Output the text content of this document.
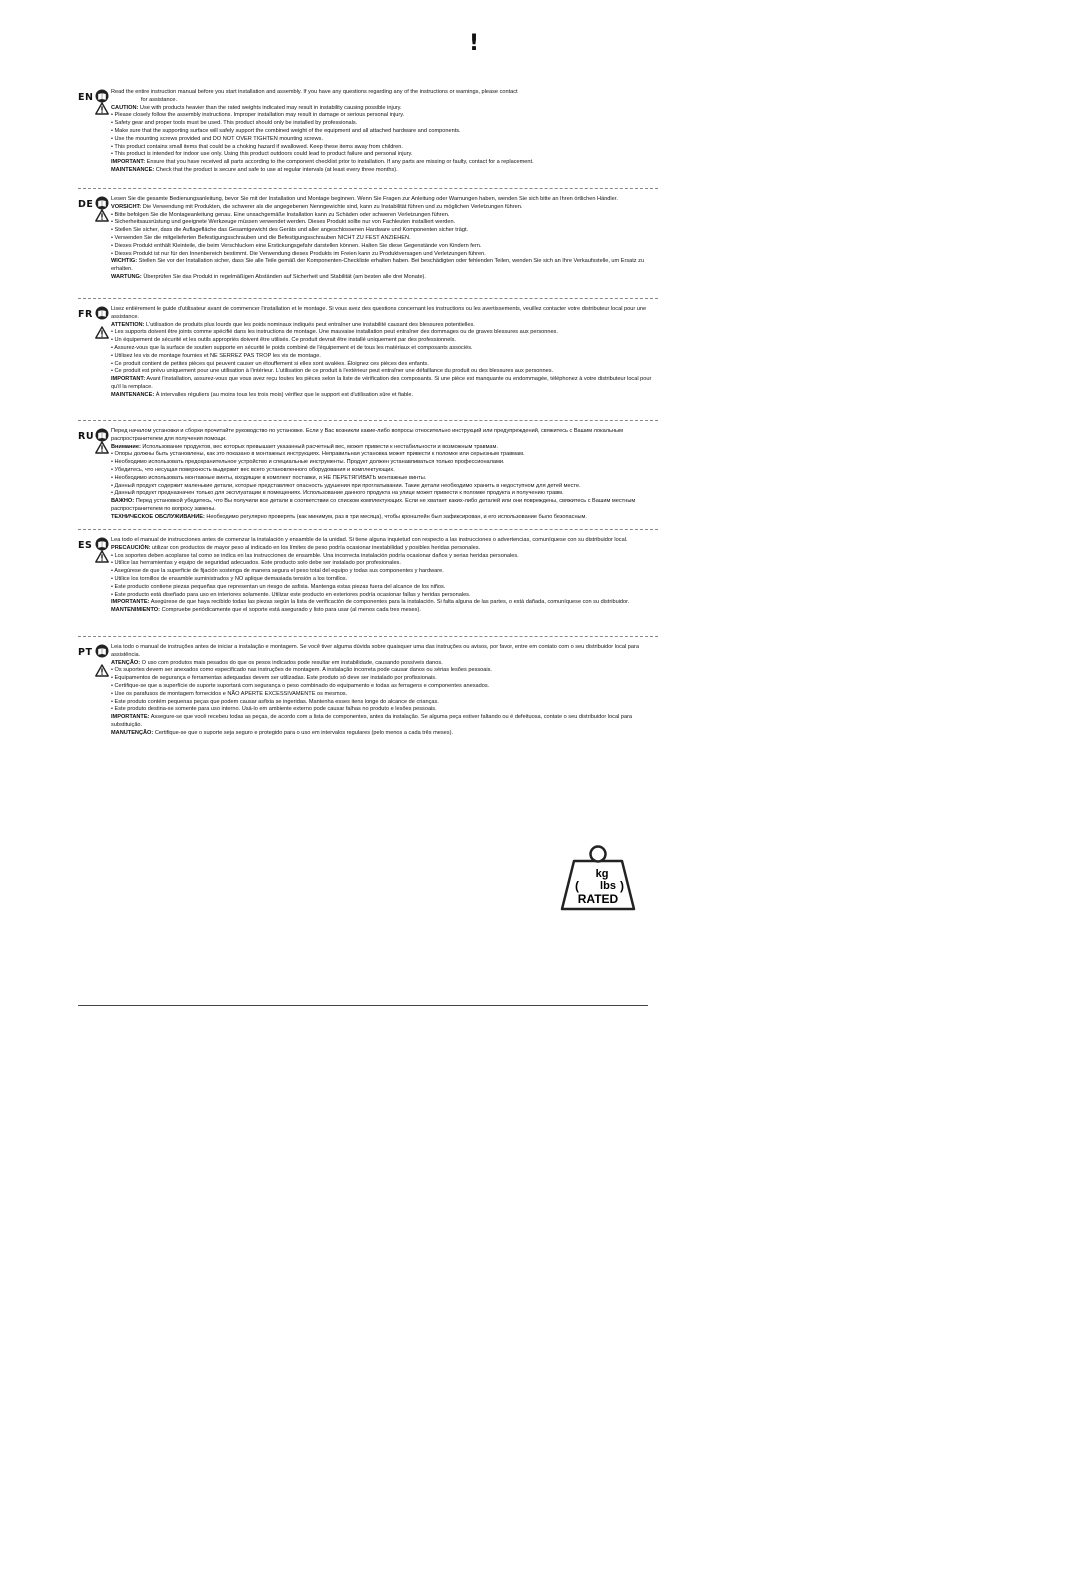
!
EN	Read the entire instruction manual before you start installation and assembly. If you have any questions regarding any of the instructions or warnings, please contact

for assistance.

CAUTION: Use with products heavier than the rated weights indicated may result in instability causing possible injury.

• Please closely follow the assembly instructions. Improper installation may result in damage or serious personal injury.

• Safety gear and proper tools must be used. This product should only be installed by professionals.

• Make sure that the supporting surface will safely support the combined weight of the equipment and all attached hardware and components.

• Use the mounting screws provided and DO NOT OVER TIGHTEN mounting screws.

• This product contains small items that could be a choking hazard if swallowed. Keep these items away from children.

• This product is intended for indoor use only. Using this product outdoors could lead to product failure and personal injury.

IMPORTANT: Ensure that you have received all parts according to the component checklist prior to installation. If any parts are missing or faulty, contact for a replacement.

MAINTENANCE: Check that the product is secure and safe to use at regular intervals (at least every three months).

DE	Lesen Sie die gesamte Bedienungsanleitung, bevor Sie mit der Installation und Montage beginnen. Wenn Sie Fragen zur Anleitung oder Warnungen haben, wenden Sie sich bitte an Ihren örtlichen Händler.

VORSICHT: Die Verwendung mit Produkten, die schwerer als die angegebenen Nenngewichte sind, kann zu Instabilität führen und zu möglichen Verletzungen führen.

• Bitte befolgen Sie die Montageanleitung genau. Eine unsachgemäße Installation kann zu Schäden oder schweren Verletzungen führen.

• Sicherheitsausrüstung und geeignete Werkzeuge müssen verwendet werden. Dieses Produkt sollte nur von Fachleuten installiert werden.

• Stellen Sie sicher, dass die Auflagefläche das Gesamtgewicht des Geräts und aller angeschlossenen Hardware und Komponenten sicher trägt.

• Verwenden Sie die mitgelieferten Befestigungsschrauben und die Befestigungsschrauben NICHT ZU FEST ANZIEHEN.

• Dieses Produkt enthält Kleinteile, die beim Verschlucken eine Erstickungsgefahr darstellen können. Halten Sie diese Gegenstände von Kindern fern.

• Dieses Produkt ist nur für den Innenbereich bestimmt. Die Verwendung dieses Produkts im Freien kann zu Produktversagen und Verletzungen führen.

WICHTIG: Stellen Sie vor der Installation sicher, dass Sie alle Teile gemäß der Komponenten-Checkliste erhalten haben. Bei beschädigten oder fehlenden Teilen, wenden Sie sich an Ihre Verkaufsstelle, um Ersatz zu erhalten.

WARTUNG: Überprüfen Sie das Produkt in regelmäßigen Abständen auf Sicherheit und Stabilität (am besten alle drei Monate).

FR	Lisez entièrement le guide d'utilisateur avant de commencer l'installation et le montage. Si vous avez des questions concernant les instructions ou les avertissements, veuillez contacter votre distributeur local pour une assistance.

ATTENTION: L'utilisation de produits plus lourds que les poids nominaux indiqués peut entraîner une instabilité causant des blessures potentielles.

• Les supports doivent être joints comme spécifié dans les instructions de montage. Une mauvaise installation peut entraîner des dommages ou de graves blessures aux personnes.

• Un équipement de sécurité et les outils appropriés doivent être utilisés. Ce produit devrait être installé uniquement par des professionnels.

• Assurez-vous que la surface de soutien supporte en sécurité le poids combiné de l'équipement et de tous les matériaux et composants associés.

• Utilisez les vis de montage fournies et NE SERREZ PAS TROP les vis de montage.

• Ce produit contient de petites pièces qui peuvent causer un étouffement si elles sont avalées. Éloignez ces pièces des enfants.

• Ce produit est prévu uniquement pour une utilisation à l'intérieur. L'utilisation de ce produit à l'extérieur peut entraîner une défaillance du produit ou des blessures aux personnes.

IMPORTANT: Avant l'installation, assurez-vous que vous avez reçu toutes les pièces selon la liste de vérification des composants. Si une pièce est manquante ou endommagée, téléphonez à votre distributeur local pour qu'il la remplace.

MAINTENANCE: À intervalles réguliers (au moins tous les trois mois) vérifiez que le support est d'utilisation sûre et fiable.

RU	Перед началом установки и сборки прочитайте руководство по установке. Если у Вас возникли какие-либо вопросы относительно инструкций или предупреждений, свяжитесь с Вашим локальным распространителем для получения помощи.

Внимание: Использование продуктов, вес которых превышает указанный расчетный вес, может привести к нестабильности и возможным травмам.

• Опоры должны быть установлены, как это показано в монтажных инструкциях. Неправильная установка может привести к поломке или серьезным травмам.

• Необходимо использовать предохранительное устройство и специальные инструменты. Продукт должен устанавливаться только профессионалами.

• Убедитесь, что несущая поверхность выдержит вес всего установленного оборудования и комплектующих.

• Необходимо использовать монтажные винты, входящие в комплект поставки, и НЕ ПЕРЕТЯГИВАТЬ монтажные винты.

• Данный продукт содержит маленькие детали, которые представляют опасность удушения при проглатывании. Такие детали необходимо хранить в недоступном для детей месте.

• Данный продукт предназначен только для эксплуатации в помещениях. Использование данного продукта на улице может привести к поломке продукта и получению травм.

ВАЖНО: Перед установкой убедитесь, что Вы получили все детали в соответствии со списком комплектующих. Если не хватает каких-либо деталей или они повреждены, свяжитесь с Вашим местным распространителем по вопросу замены.

ТЕХНИЧЕСКОЕ ОБСЛУЖИВАНИЕ: Необходимо регулярно проверять (как минимум, раз в три месяца), чтобы кронштейн был зафиксирован, и его использование было безопасным.

ES	Lea todo el manual de instrucciones antes de comenzar la instalación y ensamble de la unidad. Si tiene alguna inquietud con respecto a las instrucciones o advertencias, comuníquese con su distribuidor local.

PRECAUCIÓN: utilizar con productos de mayor peso al indicado en los límites de peso podría ocasionar inestabilidad y posibles heridas personales.

• Los soportes deben acoplarse tal como se indica en las instrucciones de ensamble. Una incorrecta instalación podría ocasionar daños y serias heridas personales.

• Utilice las herramientas y equipo de seguridad adecuados. Este producto solo debe ser instalado por profesionales.

• Asegúrese de que la superficie de fijación sostenga de manera segura el peso total del equipo y todas sus componentes y hardware.

• Utilice los tornillos de ensamble suministrados y NO aplique demasiada tensión a los tornillos.

• Este producto contiene piezas pequeñas que representan un riesgo de asfixia. Mantenga estas piezas fuera del alcance de los niños.

• Este producto está diseñado para uso en interiores solamente. Utilizar este producto en exteriores podría ocasionar fallas y heridas personales.

IMPORTANTE: Asegúrese de que haya recibido todas las piezas según la lista de verificación de componentes para la instalación. Si falta alguna de las partes, o está dañada, comuníquese con su distribuidor.

MANTENIMIENTO: Compruebe periódicamente que el soporte está asegurado y listo para usar (al menos cada tres meses).

PT	Leia todo o manual de instruções antes de iniciar a instalação e montagem. Se você tiver alguma dúvida sobre quaisquer uma das instruções ou avisos, por favor, entre em contato com o seu distribuidor local para assistência.

ATENÇÃO: O uso com produtos mais pesados do que os pesos indicados pode resultar em instabilidade, causando possíveis danos.

• Os suportes devem ser anexados como especificado nas instruções de montagem. A instalação incorreta pode causar danos ou sérias lesões pessoais.

• Equipamentos de segurança e ferramentas adequadas devem ser utilizadas. Este produto só deve ser instalado por profissionais.

• Certifique-se que a superfície de suporte suportará com segurança o peso combinado do equipamento e todas as ferragens e componentes anexados.

• Use os parafusos de montagem fornecidos e NÃO APERTE EXCESSIVAMENTE os mesmos.

• Este produto contém pequenas peças que podem causar asfixia se ingeridas. Mantenha esses itens longe do alcance de crianças.

• Este produto destina-se somente para uso interno. Usá-lo em ambiente externo pode causar falhas no produto e lesões pessoais.

IMPORTANTE: Assegure-se que você recebeu todas as peças, de acordo com a lista de componentes, antes da instalação. Se alguma peça estiver faltando ou é defeituosa, contate o seu distribuidor local para substituição.

MANUTENÇÃO: Certifique-se que o suporte seja seguro e protegido para o uso em intervalos regulares (pelo menos a cada três meses).

kg
( lbs )
RATED
